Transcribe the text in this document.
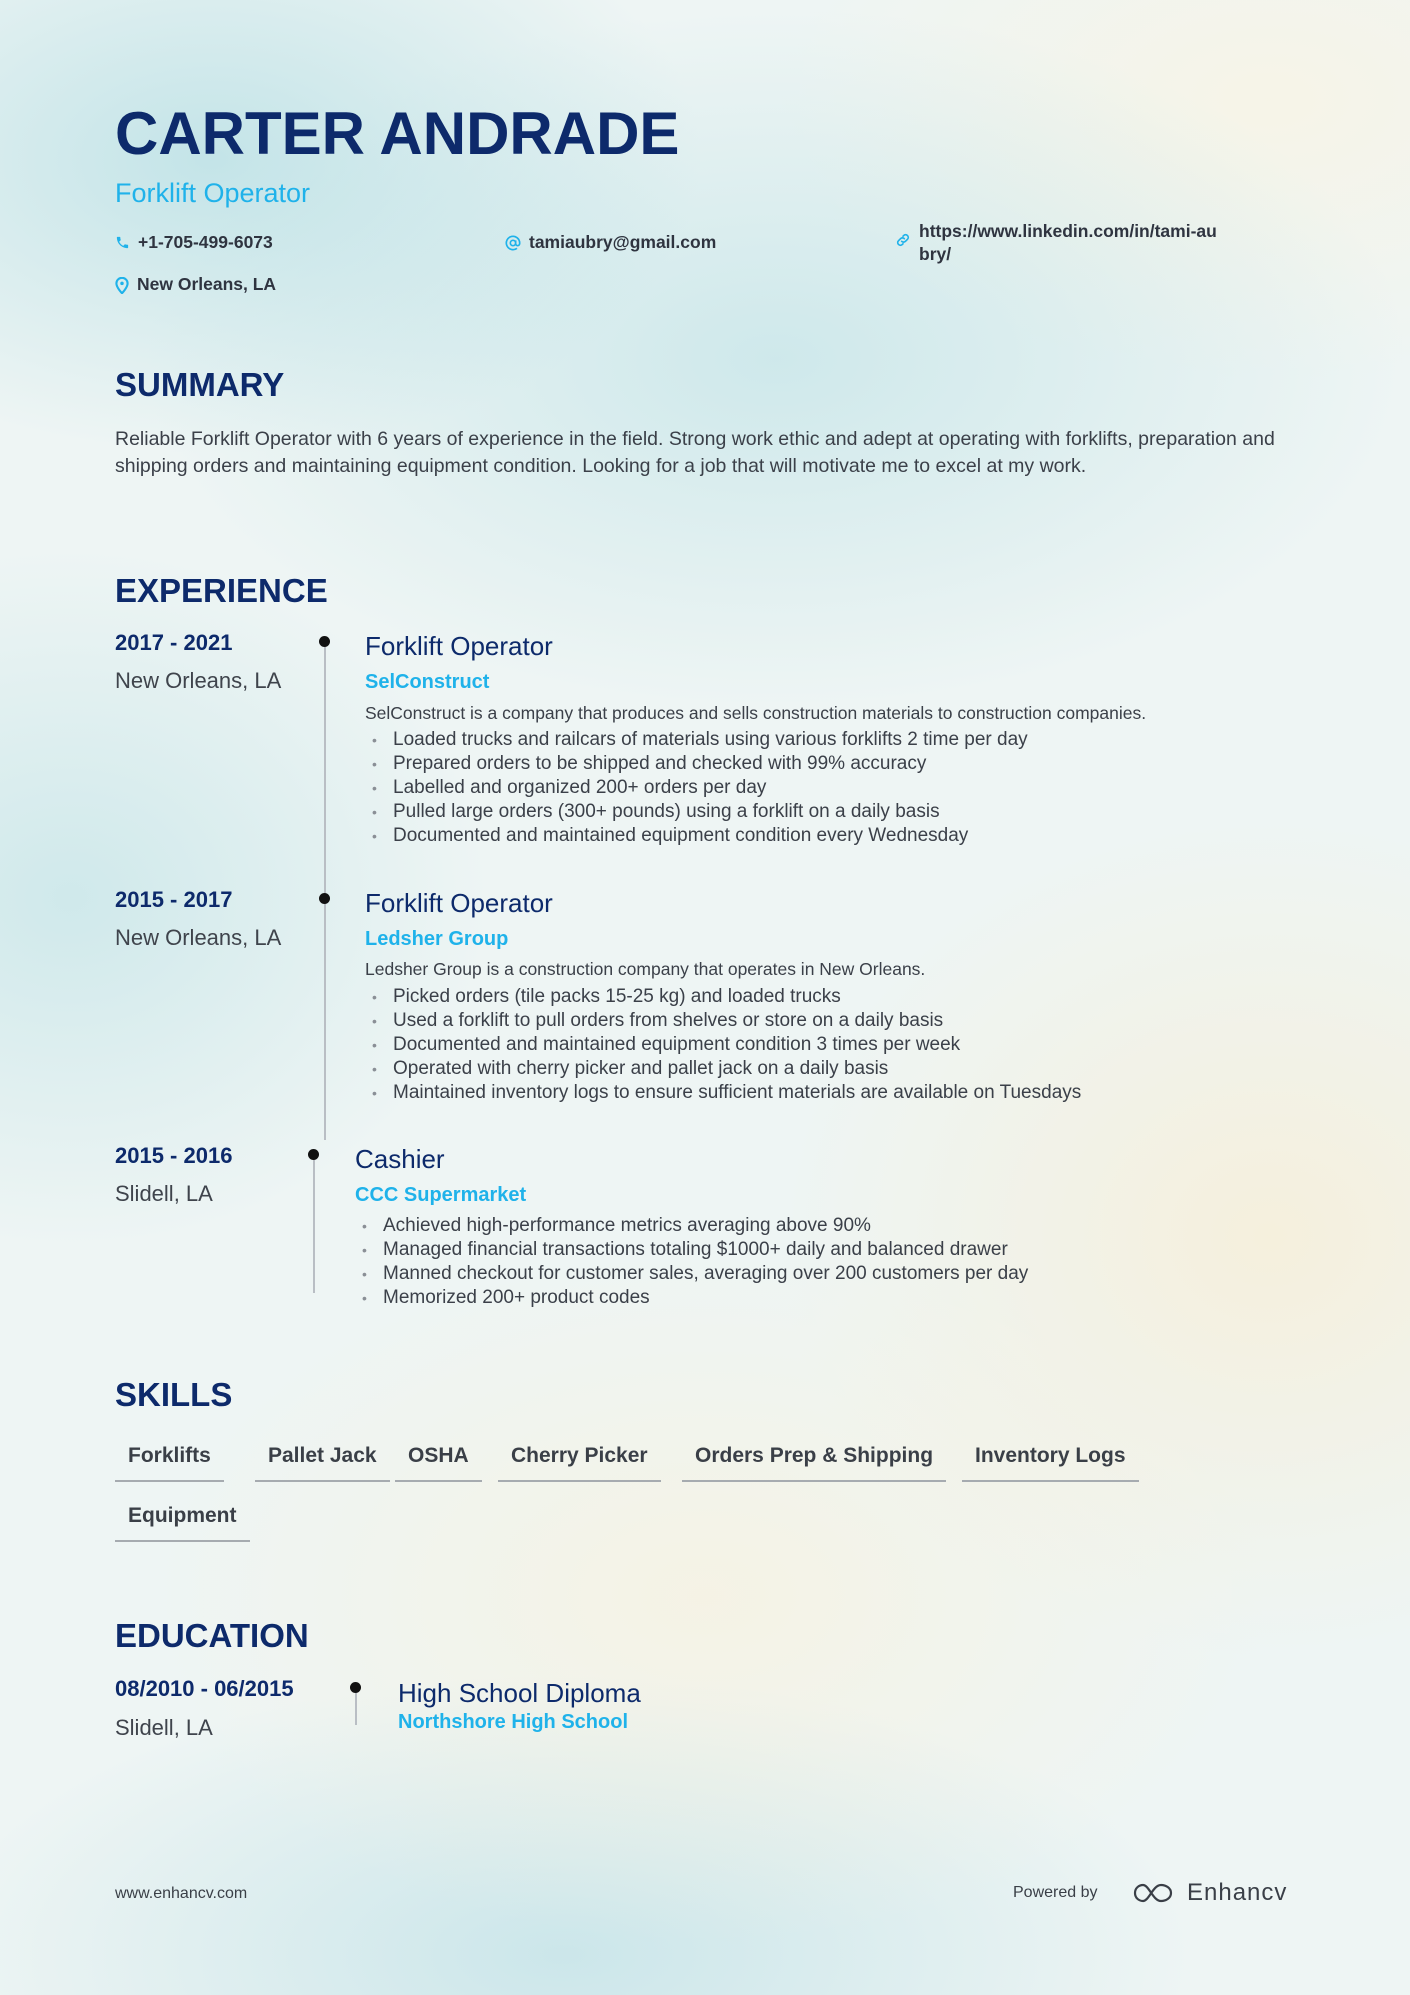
CARTER ANDRADE
Forklift Operator
+1-705-499-6073	tamiaubry@gmail.com
https://www.linkedin.com/in/tami-aubry/
New Orleans, LA
SUMMARY
Reliable Forklift Operator with 6 years of experience in the field. Strong work ethic and adept at operating with forklifts, preparation and shipping orders and maintaining equipment condition. Looking for a job that will motivate me to excel at my work.
EXPERIENCE
2017 - 2021
New Orleans, LA
Forklift Operator
SelConstruct
SelConstruct is a company that produces and sells construction materials to construction companies.
• Loaded trucks and railcars of materials using various forklifts 2 time per day
• Prepared orders to be shipped and checked with 99% accuracy
• Labelled and organized 200+ orders per day
• Pulled large orders (300+ pounds) using a forklift on a daily basis
• Documented and maintained equipment condition every Wednesday
2015 - 2017
New Orleans, LA
Forklift Operator
Ledsher Group
Ledsher Group is a construction company that operates in New Orleans.
• Picked orders (tile packs 15-25 kg) and loaded trucks
• Used a forklift to pull orders from shelves or store on a daily basis
• Documented and maintained equipment condition 3 times per week
• Operated with cherry picker and pallet jack on a daily basis
• Maintained inventory logs to ensure sufficient materials are available on Tuesdays
2015 - 2016
Slidell, LA
Cashier
CCC Supermarket
• Achieved high-performance metrics averaging above 90%
• Managed financial transactions totaling $1000+ daily and balanced drawer
• Manned checkout for customer sales, averaging over 200 customers per day
• Memorized 200+ product codes
SKILLS
Forklifts	Pallet Jack	OSHA	Cherry Picker	Orders Prep & Shipping	Inventory Logs
Equipment
EDUCATION
08/2010 - 06/2015
Slidell, LA
High School Diploma
Northshore High School
www.enhancv.com	Powered by	Enhancv
